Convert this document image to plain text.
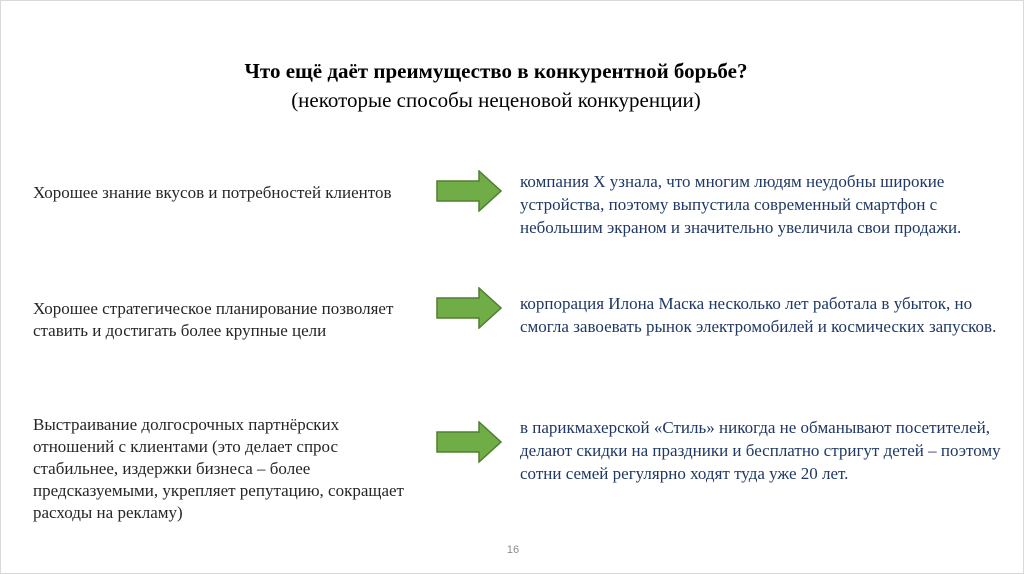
Что ещё даёт преимущество в конкурентной борьбе?
(некоторые способы неценовой конкуренции)
Хорошее знание вкусов и потребностей клиентов
компания Х узнала, что многим людям неудобны широкие устройства, поэтому выпустила современный смартфон с небольшим экраном и значительно увеличила свои продажи.
Хорошее стратегическое планирование позволяет ставить и достигать более крупные цели
корпорация Илона Маска несколько лет работала в убыток, но смогла завоевать рынок электромобилей и космических запусков.
Выстраивание долгосрочных партнёрских отношений с клиентами (это делает спрос стабильнее, издержки бизнеса – более предсказуемыми, укрепляет репутацию, сокращает расходы на рекламу)
в парикмахерской «Стиль» никогда не обманывают посетителей, делают скидки на праздники и бесплатно стригут детей – поэтому сотни семей регулярно ходят туда уже 20 лет.
16
